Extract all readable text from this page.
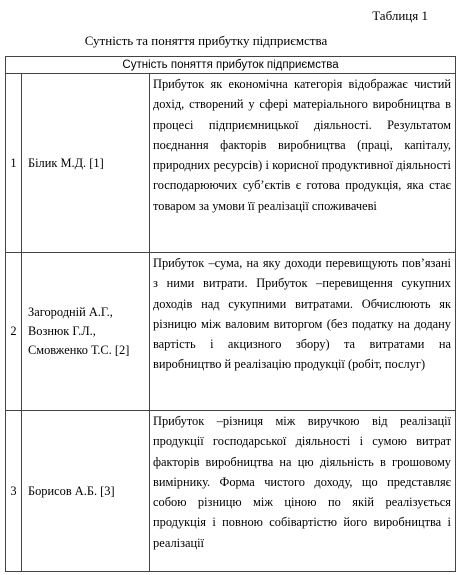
Таблиця 1
Сутність та поняття прибутку підприємства
Сутність поняття прибуток підприємства		
1	Білик М.Д. [1]	Прибуток як економічна категорія відображає чистий дохід, створений у сфері матеріального виробництва в процесі підприємницької діяльності. Результатом поєднання факторів виробництва (праці, капіталу, природних ресурсів) і корисної продуктивної діяльності господарюючих суб’єктів є готова продукція, яка стає товаром за умови її реалізації споживачеві
2	Загородній А.Г., Вознюк Г.Л., Смовженко Т.С. [2]	Прибуток –сума, на яку доходи перевищують пов’язані з ними витрати. Прибуток –перевищення сукупних доходів над сукупними витратами. Обчислюють як різницю між валовим виторгом (без податку на додану вартість і акцизного збору) та витратами на виробництво й реалізацію продукції (робіт, послуг)
3	Борисов А.Б. [3]	Прибуток –різниця між виручкою від реалізації продукції господарської діяльності і сумою витрат факторів виробництва на цю діяльність в грошовому вимірнику. Форма чистого доходу, що представляє собою різницю між ціною по якій реалізується продукція і повною собівартістю його виробництва і реалізації
